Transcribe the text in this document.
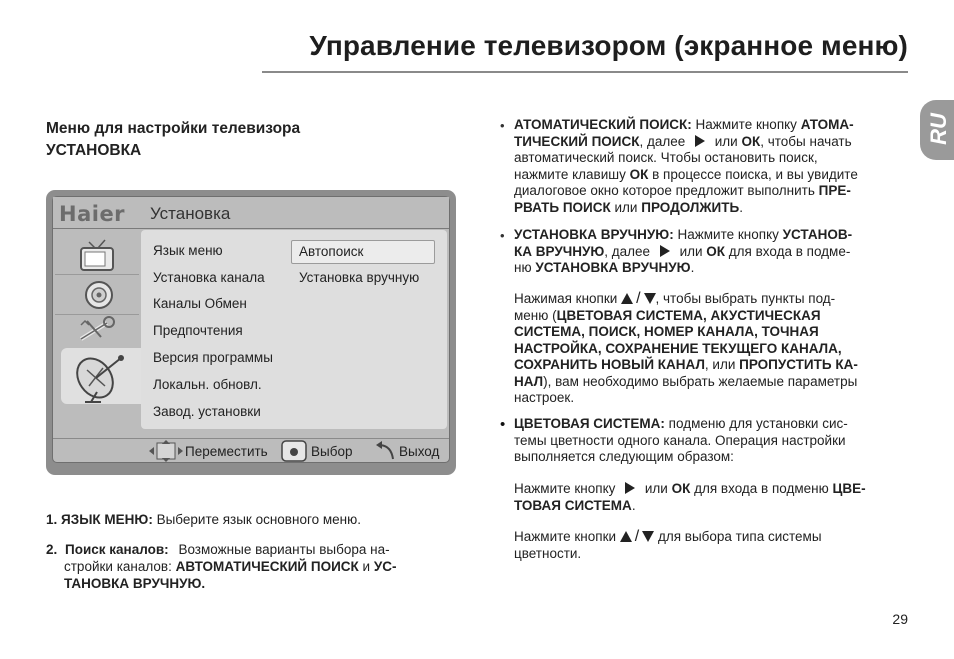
Управление телевизором (экранное меню)
RU
Меню для настройки телевизора
УСТАНОВКА
Haier Установка
Язык меню
Установка канала
Каналы Обмен
Предпочтения
Версия программы
Локальн. обновл.
Завод. установки
Автопоиск
Установка вручную
Переместить	Выбор	Выход
1. ЯЗЫК МЕНЮ: Выберите язык основного меню.
2. Поиск каналов: Возможные варианты выбора на-
стройки каналов: АВТОМАТИЧЕСКИЙ ПОИСК и УС-
ТАНОВКА ВРУЧНУЮ.
• АТОМАТИЧЕСКИЙ ПОИСК: Нажмите кнопку АТОМА-
ТИЧЕСКИЙ ПОИСК, далее  или ОК, чтобы начать
автоматический поиск. Чтобы остановить поиск,
нажмите клавишу ОК в процессе поиска, и вы увидите
диалоговое окно которое предложит выполнить ПРЕ-
РВАТЬ ПОИСК или ПРОДОЛЖИТЬ.
• УСТАНОВКА ВРУЧНУЮ: Нажмите кнопку УСТАНОВ-
КА ВРУЧНУЮ, далее  или ОК для входа в подме-
ню УСТАНОВКА ВРУЧНУЮ.
Нажимая кнопки / , чтобы выбрать пункты под-
меню (ЦВЕТОВАЯ СИСТЕМА, АКУСТИЧЕСКАЯ
СИСТЕМА, ПОИСК, НОМЕР КАНАЛА, ТОЧНАЯ
НАСТРОЙКА, СОХРАНЕНИЕ ТЕКУЩЕГО КАНАЛА,
СОХРАНИТЬ НОВЫЙ КАНАЛ, или ПРОПУСТИТЬ КА-
НАЛ), вам необходимо выбрать желаемые параметры
настроек.
• ЦВЕТОВАЯ СИСТЕМА: подменю для установки сис-
темы цветности одного канала. Операция настройки
выполняется следующим образом:
Нажмите кнопку  или ОК для входа в подменю ЦВЕ-
ТОВАЯ СИСТЕМА.
Нажмите кнопки / для выбора типа системы
цветности.
29
